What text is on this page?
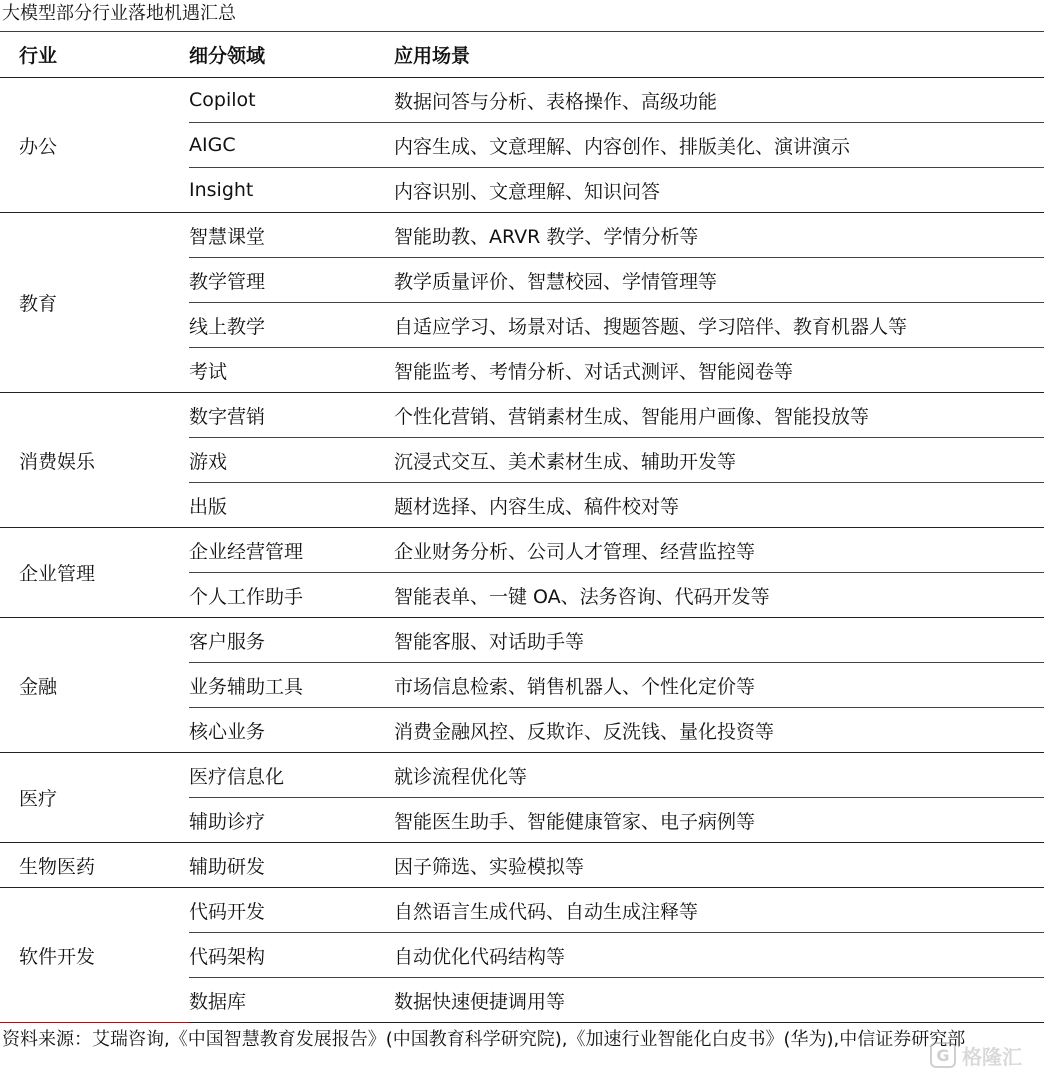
大模型部分行业落地机遇汇总
行业	细分领域	应用场景
办公	Copilot	数据问答与分析、表格操作、高级功能
	AIGC	内容生成、文意理解、内容创作、排版美化、演讲演示
	Insight	内容识别、文意理解、知识问答
教育	智慧课堂	智能助教、ARVR 教学、学情分析等
	教学管理	教学质量评价、智慧校园、学情管理等
	线上教学	自适应学习、场景对话、搜题答题、学习陪伴、教育机器人等
	考试	智能监考、考情分析、对话式测评、智能阅卷等
消费娱乐	数字营销	个性化营销、营销素材生成、智能用户画像、智能投放等
	游戏	沉浸式交互、美术素材生成、辅助开发等
	出版	题材选择、内容生成、稿件校对等
企业管理	企业经营管理	企业财务分析、公司人才管理、经营监控等
	个人工作助手	智能表单、一键 OA、法务咨询、代码开发等
金融	客户服务	智能客服、对话助手等
	业务辅助工具	市场信息检索、销售机器人、个性化定价等
	核心业务	消费金融风控、反欺诈、反洗钱、量化投资等
医疗	医疗信息化	就诊流程优化等
	辅助诊疗	智能医生助手、智能健康管家、电子病例等
生物医药	辅助研发	因子筛选、实验模拟等
软件开发	代码开发	自然语言生成代码、自动生成注释等
	代码架构	自动优化代码结构等
	数据库	数据快速便捷调用等
资料来源：艾瑞咨询,《中国智慧教育发展报告》(中国教育科学研究院),《加速行业智能化白皮书》(华为),中信证券研究部
G 格隆汇
